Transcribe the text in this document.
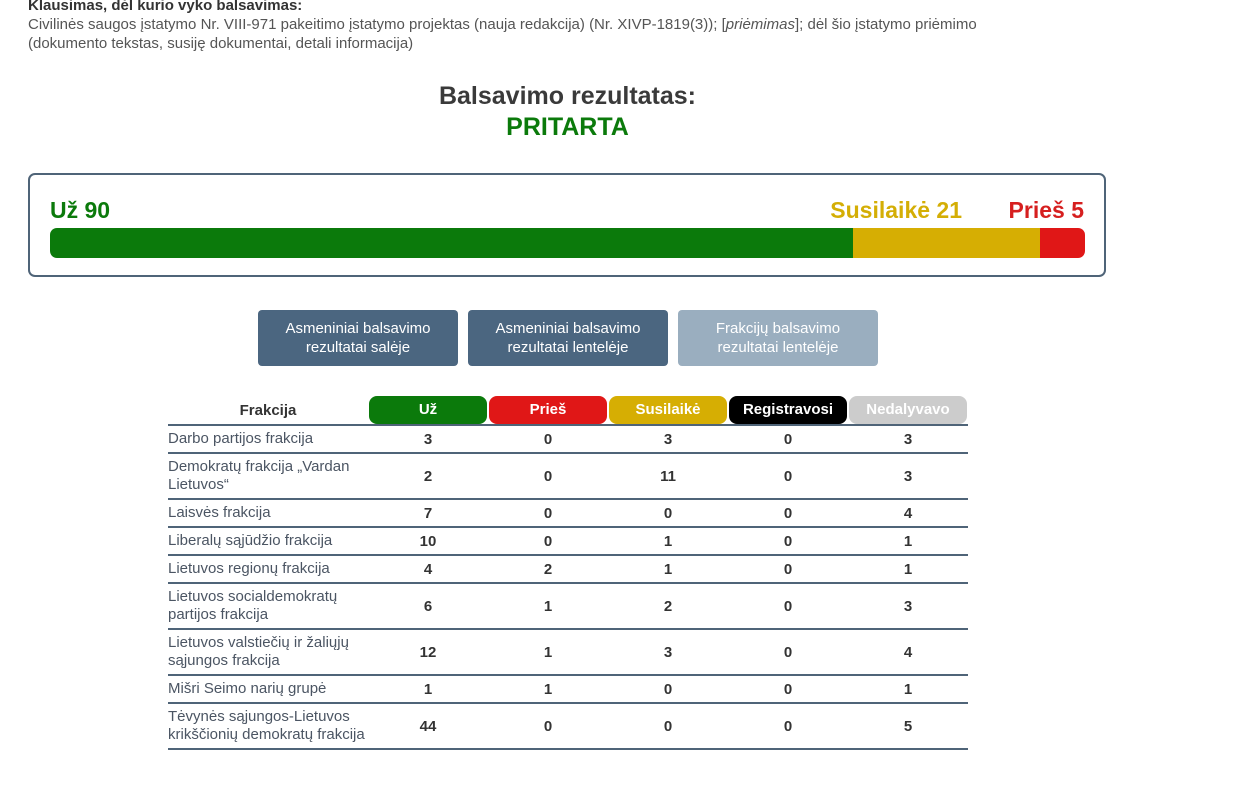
Klausimas, dėl kurio vyko balsavimas:
Civilinės saugos įstatymo Nr. VIII-971 pakeitimo įstatymo projektas (nauja redakcija) (Nr. XIVP-1819(3)); [priėmimas]; dėl šio įstatymo priėmimo
(dokumento tekstas, susiję dokumentai, detali informacija)
Balsavimo rezultatas:
PRITARTA
Už 90	Susilaikė 21 Prieš 5
Asmeniniai balsavimo rezultatai salėje
Asmeniniai balsavimo rezultatai lentelėje
Frakcijų balsavimo rezultatai lentelėje
Frakcija	Už	Prieš	Susilaikė	Registravosi	Nedalyvavo

Darbo partijos frakcija	3	0	3	0	3
Demokratų frakcija „Vardan Lietuvos“	2	0	11	0	3
Laisvės frakcija	7	0	0	0	4
Liberalų sąjūdžio frakcija	10	0	1	0	1
Lietuvos regionų frakcija	4	2	1	0	1
Lietuvos socialdemokratų partijos frakcija	6	1	2	0	3
Lietuvos valstiečių ir žaliųjų sąjungos frakcija	12	1	3	0	4
Mišri Seimo narių grupė	1	1	0	0	1
Tėvynės sąjungos-Lietuvos krikščionių demokratų frakcija	44	0	0	0	5
